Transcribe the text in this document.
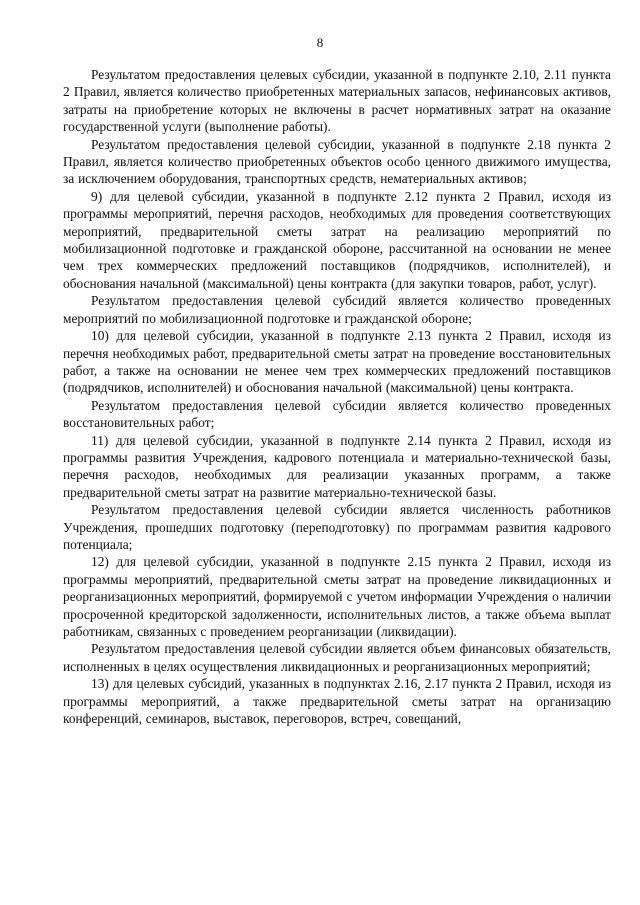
8

Результатом предоставления целевых субсидии, указанной в подпункте 2.10, 2.11 пункта 2 Правил, является количество приобретенных материальных запасов, нефинансовых активов, затраты на приобретение которых не включены в расчет нормативных затрат на оказание государственной услуги (выполнение работы).

Результатом предоставления целевой субсидии, указанной в подпункте 2.18 пункта 2 Правил, является количество приобретенных объектов особо ценного движимого имущества, за исключением оборудования, транспортных средств, нематериальных активов;

9) для целевой субсидии, указанной в подпункте 2.12 пункта 2 Правил, исходя из программы мероприятий, перечня расходов, необходимых для проведения соответствующих мероприятий, предварительной сметы затрат на реализацию мероприятий по мобилизационной подготовке и гражданской обороне, рассчитанной на основании не менее чем трех коммерческих предложений поставщиков (подрядчиков, исполнителей), и обоснования начальной (максимальной) цены контракта (для закупки товаров, работ, услуг).

Результатом предоставления целевой субсидий является количество проведенных мероприятий по мобилизационной подготовке и гражданской обороне;

10) для целевой субсидии, указанной в подпункте 2.13 пункта 2 Правил, исходя из перечня необходимых работ, предварительной сметы затрат на проведение восстановительных работ, а также на основании не менее чем трех коммерческих предложений поставщиков (подрядчиков, исполнителей) и обоснования начальной (максимальной) цены контракта.

Результатом предоставления целевой субсидии является количество проведенных восстановительных работ;

11) для целевой субсидии, указанной в подпункте 2.14 пункта 2 Правил, исходя из программы развития Учреждения, кадрового потенциала и материально-технической базы, перечня расходов, необходимых для реализации указанных программ, а также предварительной сметы затрат на развитие материально-технической базы.

Результатом предоставления целевой субсидии является численность работников Учреждения, прошедших подготовку (переподготовку) по программам развития кадрового потенциала;

12) для целевой субсидии, указанной в подпункте 2.15 пункта 2 Правил, исходя из программы мероприятий, предварительной сметы затрат на проведение ликвидационных и реорганизационных мероприятий, формируемой с учетом информации Учреждения о наличии просроченной кредиторской задолженности, исполнительных листов, а также объема выплат работникам, связанных с проведением реорганизации (ликвидации).

Результатом предоставления целевой субсидии является объем финансовых обязательств, исполненных в целях осуществления ликвидационных и реорганизационных мероприятий;

13) для целевых субсидий, указанных в подпунктах 2.16, 2.17 пункта 2 Правил, исходя из программы мероприятий, а также предварительной сметы затрат на организацию конференций, семинаров, выставок, переговоров, встреч, совещаний,
